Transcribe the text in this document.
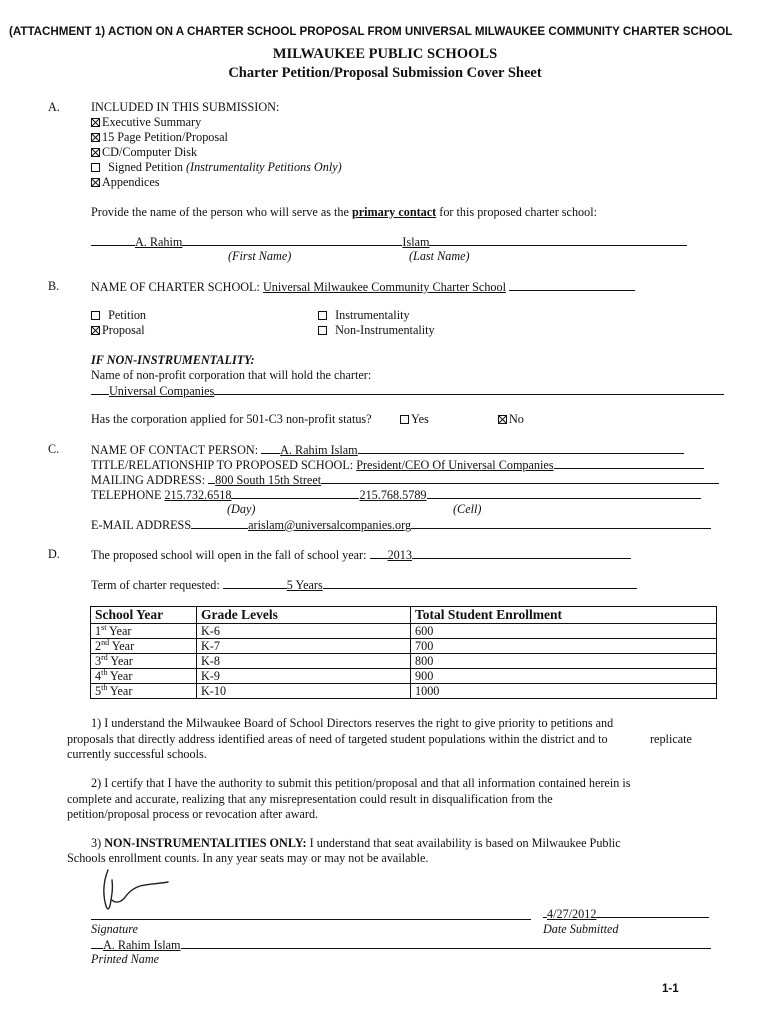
(ATTACHMENT 1) ACTION ON A CHARTER SCHOOL PROPOSAL FROM UNIVERSAL MILWAUKEE COMMUNITY CHARTER SCHOOL
MILWAUKEE PUBLIC SCHOOLS
Charter Petition/Proposal Submission Cover Sheet
A.	INCLUDED IN THIS SUBMISSION:
Executive Summary
15 Page Petition/Proposal
CD/Computer Disk
Signed Petition (Instrumentality Petitions Only)
Appendices
Provide the name of the person who will serve as the primary contact for this proposed charter school:
A. Rahim	Islam
(First Name)	(Last Name)
B.	NAME OF CHARTER SCHOOL: Universal Milwaukee Community Charter School
Petition
Proposal
Instrumentality
Non-Instrumentality
IF NON-INSTRUMENTALITY:
Name of non-profit corporation that will hold the charter:
Universal Companies
Has the corporation applied for 501-C3 non-profit status?	Yes	No
C.	NAME OF CONTACT PERSON: A. Rahim Islam
TITLE/RELATIONSHIP TO PROPOSED SCHOOL: President/CEO Of Universal Companies
MAILING ADDRESS: 800 South 15th Street
TELEPHONE 215.732.6518	215.768.5789
(Day)	(Cell)
E-MAIL ADDRESS	arislam@universalcompanies.org
D.	The proposed school will open in the fall of school year: 2013
Term of charter requested:	5 Years
School Year	Grade Levels	Total Student Enrollment
1st Year	K-6	600
2nd Year	K-7	700
3rd Year	K-8	800
4th Year	K-9	900
5th Year	K-10	1000
1) I understand the Milwaukee Board of School Directors reserves the right to give priority to petitions and
proposals that directly address identified areas of need of targeted student populations within the district and to	replicate
currently successful schools.
2) I certify that I have the authority to submit this petition/proposal and that all information contained herein is
complete and accurate, realizing that any misrepresentation could result in disqualification from the
petition/proposal process or revocation after award.
3) NON-INSTRUMENTALITIES ONLY: I understand that seat availability is based on Milwaukee Public
Schools enrollment counts. In any year seats may or may not be available.
4/27/2012
Signature	Date Submitted
A. Rahim Islam
Printed Name
1-1
